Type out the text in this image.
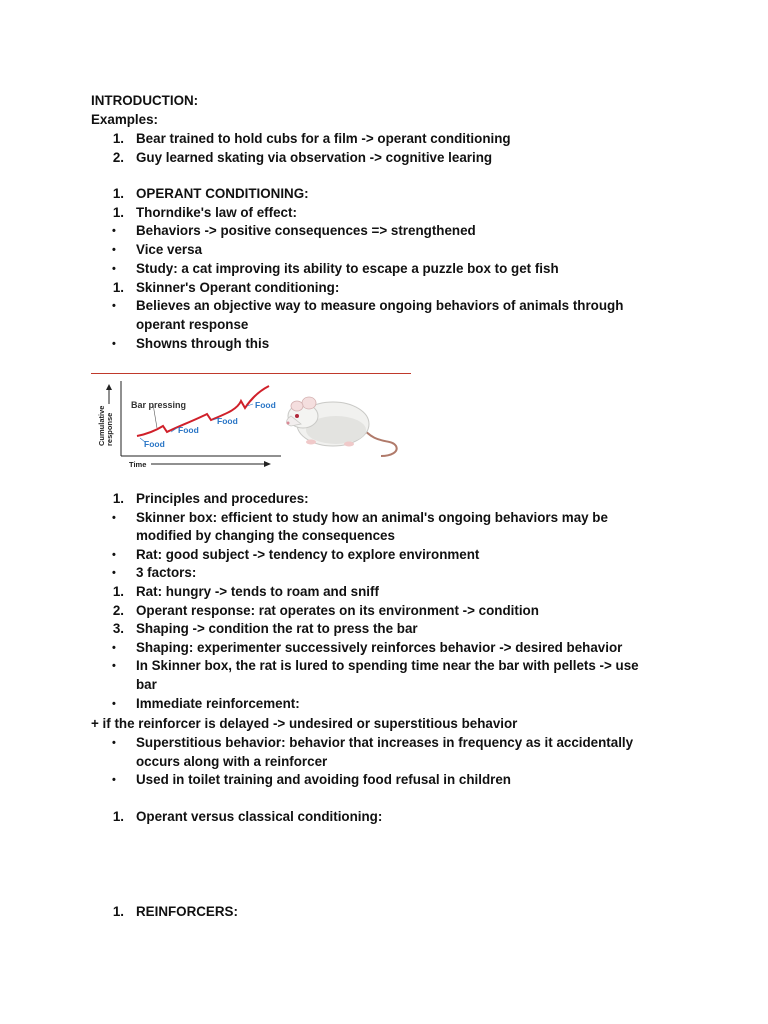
INTRODUCTION:
Examples:
1. Bear trained to hold cubs for a film -> operant conditioning
2. Guy learned skating via observation -> cognitive learing
1. OPERANT CONDITIONING:
1. Thorndike's law of effect:
• Behaviors -> positive consequences => strengthened
• Vice versa
• Study: a cat improving its ability to escape a puzzle box to get fish
1. Skinner's Operant conditioning:
• Believes an objective way to measure ongoing behaviors of animals through
operant response
• Showns through this
Cumulative response
Time
Bar pressing
Food
Food
Food
Food
1. Principles and procedures:
• Skinner box: efficient to study how an animal's ongoing behaviors may be
modified by changing the consequences
• Rat: good subject -> tendency to explore environment
• 3 factors:
1. Rat: hungry -> tends to roam and sniff
2. Operant response: rat operates on its environment -> condition
3. Shaping -> condition the rat to press the bar
• Shaping: experimenter successively reinforces behavior -> desired behavior
• In Skinner box, the rat is lured to spending time near the bar with pellets -> use
bar
• Immediate reinforcement:
+ if the reinforcer is delayed -> undesired or superstitious behavior
• Superstitious behavior: behavior that increases in frequency as it accidentally
occurs along with a reinforcer
• Used in toilet training and avoiding food refusal in children
1. Operant versus classical conditioning:
1. REINFORCERS:
